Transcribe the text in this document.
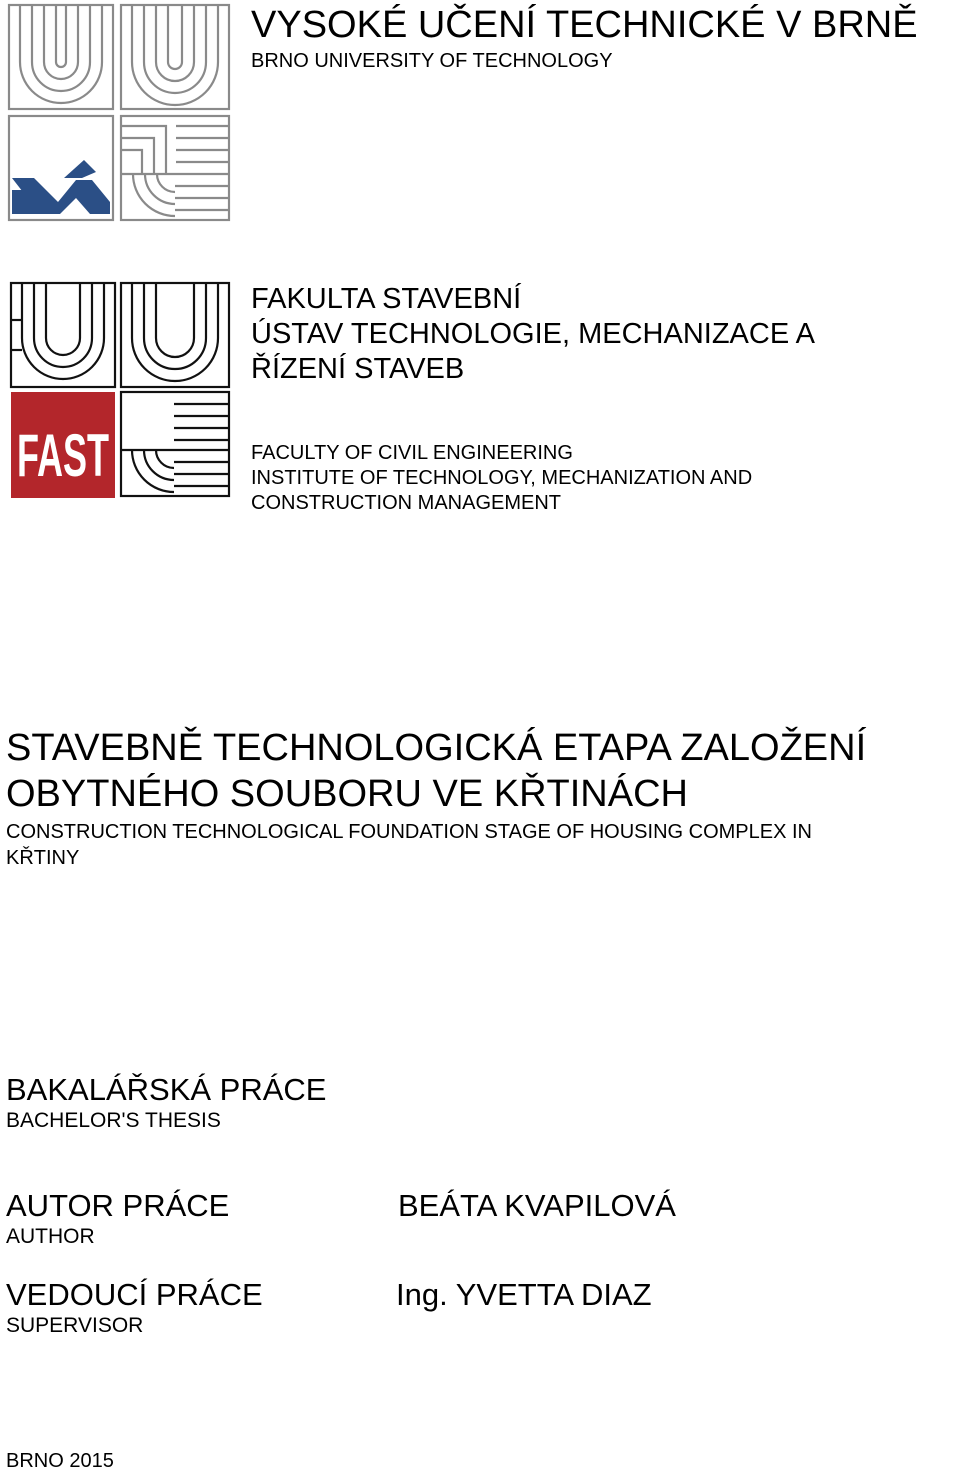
FAST
VYSOKÉ UČENÍ TECHNICKÉ V BRNĚ
BRNO UNIVERSITY OF TECHNOLOGY
FAKULTA STAVEBNÍ
ÚSTAV TECHNOLOGIE, MECHANIZACE A
ŘÍZENÍ STAVEB
FACULTY OF CIVIL ENGINEERING
INSTITUTE OF TECHNOLOGY, MECHANIZATION AND
CONSTRUCTION MANAGEMENT
STAVEBNĚ TECHNOLOGICKÁ ETAPA ZALOŽENÍ
OBYTNÉHO SOUBORU VE KŘTINÁCH
CONSTRUCTION TECHNOLOGICAL FOUNDATION STAGE OF HOUSING COMPLEX IN
KŘTINY
BAKALÁŘSKÁ PRÁCE
BACHELOR'S THESIS
AUTOR PRÁCE
AUTHOR
BEÁTA KVAPILOVÁ
VEDOUCÍ PRÁCE
SUPERVISOR
Ing. YVETTA DIAZ
BRNO 2015
